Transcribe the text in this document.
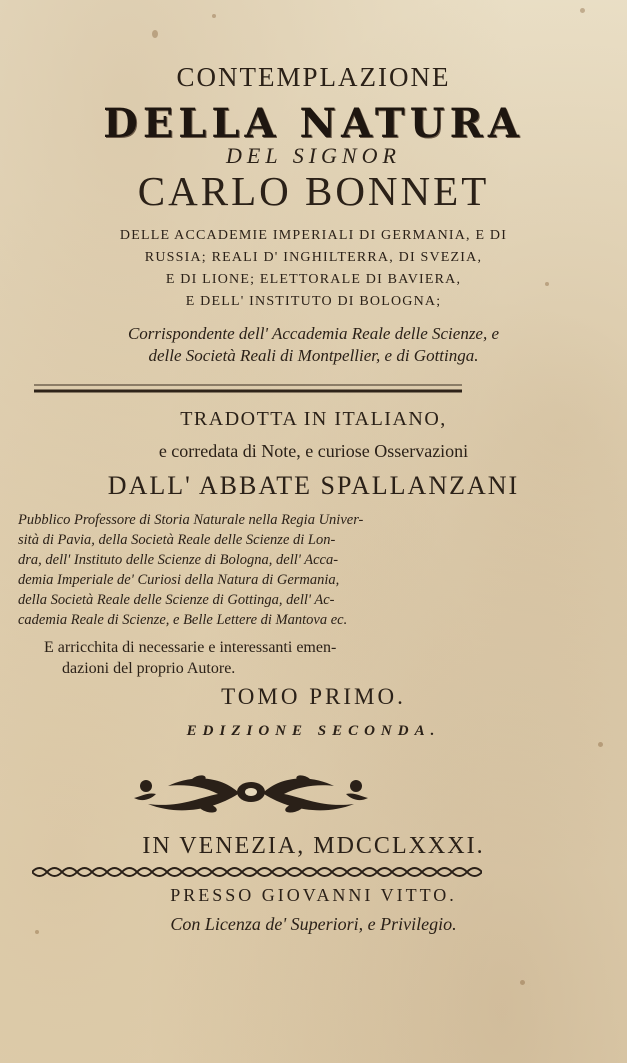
CONTEMPLAZIONE
DELLA NATURA
DEL SIGNOR
CARLO BONNET
DELLE ACCADEMIE IMPERIALI DI GERMANIA, E DI
RUSSIA; REALI D' INGHILTERRA, DI SVEZIA,
E DI LIONE; ELETTORALE DI BAVIERA,
E DELL' INSTITUTO DI BOLOGNA;
Corrispondente dell' Accademia Reale delle Scienze, e
delle Società Reali di Montpellier, e di Gottinga.
TRADOTTA IN ITALIANO,
e corredata di Note, e curiose Osservazioni
DALL' ABBATE SPALLANZANI
Pubblico Professore di Storia Naturale nella Regia Univer-
sità di Pavia, della Società Reale delle Scienze di Lon-
dra, dell' Instituto delle Scienze di Bologna, dell' Acca-
demia Imperiale de' Curiosi della Natura di Germania,
della Società Reale delle Scienze di Gottinga, dell' Ac-
cademia Reale di Scienze, e Belle Lettere di Mantova ec.
E arricchita di necessarie e interessanti emen-
dazioni del proprio Autore.
TOMO PRIMO.
EDIZIONE SECONDA.
IN VENEZIA, MDCCLXXXI.
PRESSO GIOVANNI VITTO.
Con Licenza de' Superiori, e Privilegio.
